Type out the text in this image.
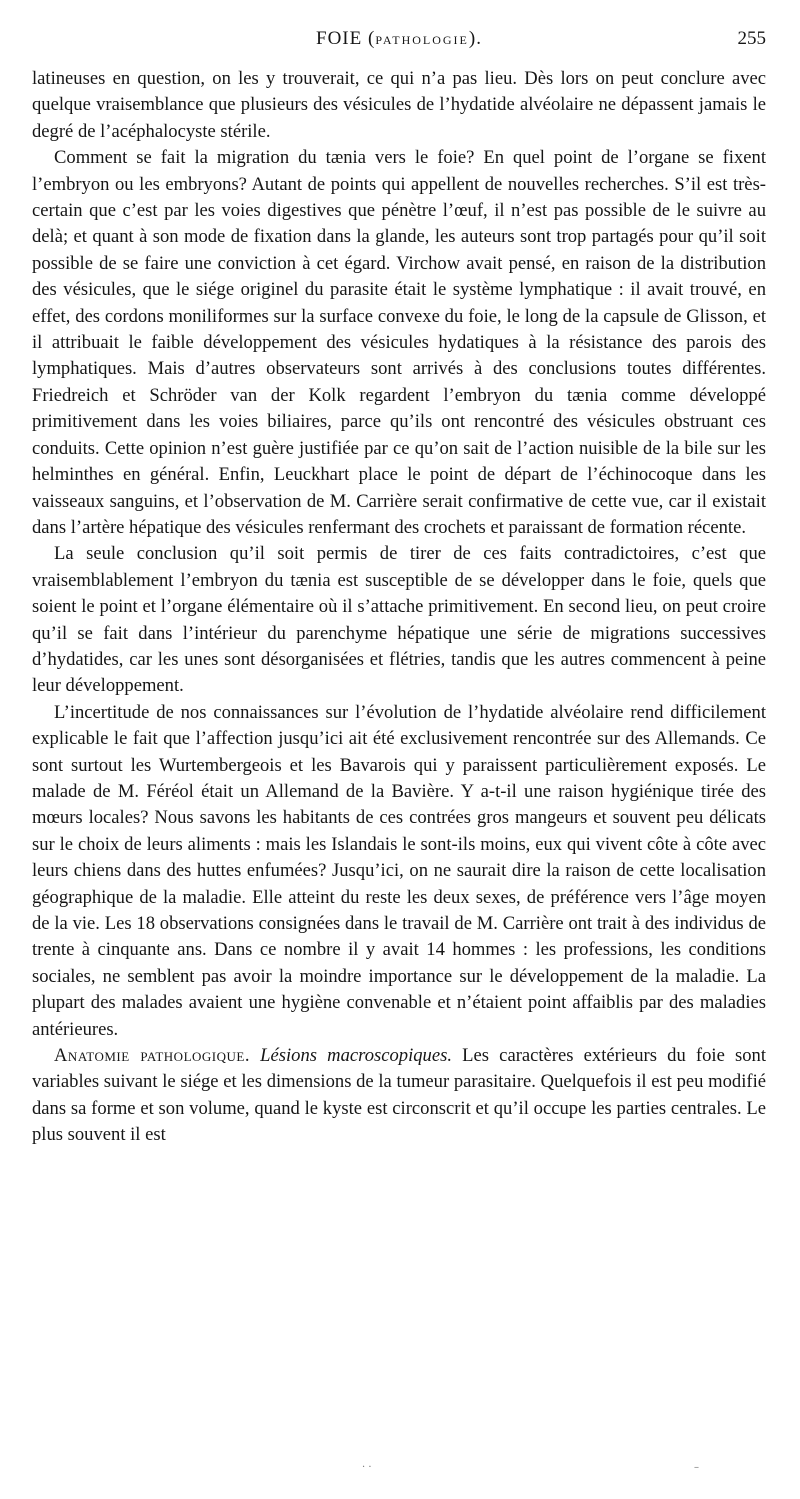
FOIE (PATHOLOGIE).	255

latineuses en question, on les y trouverait, ce qui n’a pas lieu. Dès lors on peut conclure avec quelque vraisemblance que plusieurs des vésicules de l’hydatide alvéolaire ne dépassent jamais le degré de l’acéphalocyste stérile.

Comment se fait la migration du tænia vers le foie? En quel point de l’organe se fixent l’embryon ou les embryons? Autant de points qui appellent de nouvelles recherches. S’il est très-certain que c’est par les voies digestives que pénètre l’œuf, il n’est pas possible de le suivre au delà; et quant à son mode de fixation dans la glande, les auteurs sont trop partagés pour qu’il soit possible de se faire une conviction à cet égard. Virchow avait pensé, en raison de la distribution des vésicules, que le siége originel du parasite était le système lymphatique : il avait trouvé, en effet, des cordons moniliformes sur la surface convexe du foie, le long de la capsule de Glisson, et il attribuait le faible développement des vésicules hydatiques à la résistance des parois des lymphatiques. Mais d’autres observateurs sont arrivés à des conclusions toutes différentes. Friedreich et Schröder van der Kolk regardent l’embryon du tænia comme développé primitivement dans les voies biliaires, parce qu’ils ont rencontré des vésicules obstruant ces conduits. Cette opinion n’est guère justifiée par ce qu’on sait de l’action nuisible de la bile sur les helminthes en général. Enfin, Leuckhart place le point de départ de l’échinocoque dans les vaisseaux sanguins, et l’observation de M. Carrière serait confirmative de cette vue, car il existait dans l’artère hépatique des vésicules renfermant des crochets et paraissant de formation récente.

La seule conclusion qu’il soit permis de tirer de ces faits contradictoires, c’est que vraisemblablement l’embryon du tænia est susceptible de se développer dans le foie, quels que soient le point et l’organe élémentaire où il s’attache primitivement. En second lieu, on peut croire qu’il se fait dans l’intérieur du parenchyme hépatique une série de migrations successives d’hydatides, car les unes sont désorganisées et flétries, tandis que les autres commencent à peine leur développement.

L’incertitude de nos connaissances sur l’évolution de l’hydatide alvéolaire rend difficilement explicable le fait que l’affection jusqu’ici ait été exclusivement rencontrée sur des Allemands. Ce sont surtout les Wurtembergeois et les Bavarois qui y paraissent particulièrement exposés. Le malade de M. Féréol était un Allemand de la Bavière. Y a-t-il une raison hygiénique tirée des mœurs locales? Nous savons les habitants de ces contrées gros mangeurs et souvent peu délicats sur le choix de leurs aliments : mais les Islandais le sont-ils moins, eux qui vivent côte à côte avec leurs chiens dans des huttes enfumées? Jusqu’ici, on ne saurait dire la raison de cette localisation géographique de la maladie. Elle atteint du reste les deux sexes, de préférence vers l’âge moyen de la vie. Les 18 observations consignées dans le travail de M. Carrière ont trait à des individus de trente à cinquante ans. Dans ce nombre il y avait 14 hommes : les professions, les conditions sociales, ne semblent pas avoir la moindre importance sur le développement de la maladie. La plupart des malades avaient une hygiène convenable et n’étaient point affaiblis par des maladies antérieures.

Anatomie pathologique. Lésions macroscopiques. Les caractères extérieurs du foie sont variables suivant le siége et les dimensions de la tumeur parasitaire. Quelquefois il est peu modifié dans sa forme et son volume, quand le kyste est circonscrit et qu’il occupe les parties centrales. Le plus souvent il est

· ·	–
